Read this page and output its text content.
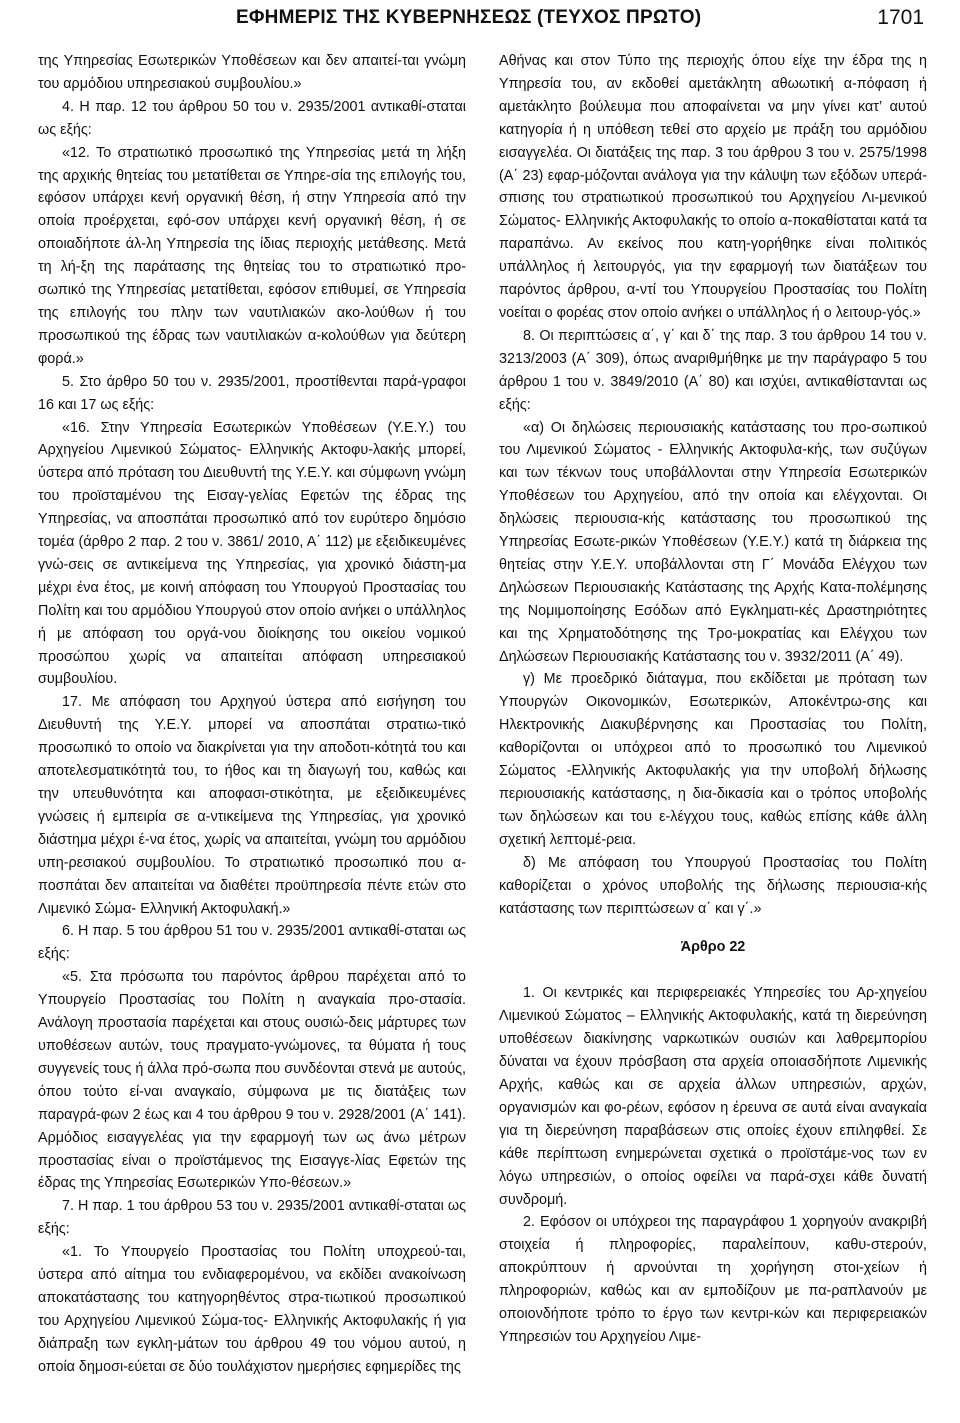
ΕΦΗΜΕΡΙΣ ΤΗΣ ΚΥΒΕΡΝΗΣΕΩΣ (ΤΕΥΧΟΣ ΠΡΩΤΟ)	1701

της Υπηρεσίας Εσωτερικών Υποθέσεων και δεν απαιτεί-ται γνώμη του αρμόδιου υπηρεσιακού συμβουλίου.»

4. Η παρ. 12 του άρθρου 50 του ν. 2935/2001 αντικαθί-σταται ως εξής:

«12. Το στρατιωτικό προσωπικό της Υπηρεσίας μετά τη λήξη της αρχικής θητείας του μετατίθεται σε Υπηρε-σία της επιλογής του, εφόσον υπάρχει κενή οργανική θέση, ή στην Υπηρεσία από την οποία προέρχεται, εφό-σον υπάρχει κενή οργανική θέση, ή σε οποιαδήποτε άλ-λη Υπηρεσία της ίδιας περιοχής μετάθεσης. Μετά τη λή-ξη της παράτασης της θητείας του το στρατιωτικό προ-σωπικό της Υπηρεσίας μετατίθεται, εφόσον επιθυμεί, σε Υπηρεσία της επιλογής του πλην των ναυτιλιακών ακο-λούθων ή του προσωπικού της έδρας των ναυτιλιακών α-κολούθων για δεύτερη φορά.»

5. Στο άρθρο 50 του ν. 2935/2001, προστίθενται παρά-γραφοι 16 και 17 ως εξής:

«16. Στην Υπηρεσία Εσωτερικών Υποθέσεων (Υ.Ε.Υ.) του Αρχηγείου Λιμενικού Σώματος- Ελληνικής Ακτοφυ-λακής μπορεί, ύστερα από πρόταση του Διευθυντή της Υ.Ε.Υ. και σύμφωνη γνώμη του προϊσταμένου της Εισαγ-γελίας Εφετών της έδρας της Υπηρεσίας, να αποσπάται προσωπικό από τον ευρύτερο δημόσιο τομέα (άρθρο 2 παρ. 2 του ν. 3861/ 2010, Α΄ 112) με εξειδικευμένες γνώ-σεις σε αντικείμενα της Υπηρεσίας, για χρονικό διάστη-μα μέχρι ένα έτος, με κοινή απόφαση του Υπουργού Προστασίας του Πολίτη και του αρμόδιου Υπουργού στον οποίο ανήκει ο υπάλληλος ή με απόφαση του οργά-νου διοίκησης του οικείου νομικού προσώπου χωρίς να απαιτείται απόφαση υπηρεσιακού συμβουλίου.

17. Με απόφαση του Αρχηγού ύστερα από εισήγηση του Διευθυντή της Υ.Ε.Υ. μπορεί να αποσπάται στρατιω-τικό προσωπικό το οποίο να διακρίνεται για την αποδοτι-κότητά του και αποτελεσματικότητά του, το ήθος και τη διαγωγή του, καθώς και την υπευθυνότητα και αποφασι-στικότητα, με εξειδικευμένες γνώσεις ή εμπειρία σε α-ντικείμενα της Υπηρεσίας, για χρονικό διάστημα μέχρι έ-να έτος, χωρίς να απαιτείται, γνώμη του αρμόδιου υπη-ρεσιακού συμβουλίου. Το στρατιωτικό προσωπικό που α-ποσπάται δεν απαιτείται να διαθέτει προϋπηρεσία πέντε ετών στο Λιμενικό Σώμα- Ελληνική Ακτοφυλακή.»

6. Η παρ. 5 του άρθρου 51 του ν. 2935/2001 αντικαθί-σταται ως εξής:

«5. Στα πρόσωπα του παρόντος άρθρου παρέχεται από το Υπουργείο Προστασίας του Πολίτη η αναγκαία προ-στασία. Ανάλογη προστασία παρέχεται και στους ουσιώ-δεις μάρτυρες των υποθέσεων αυτών, τους πραγματο-γνώμονες, τα θύματα ή τους συγγενείς τους ή άλλα πρό-σωπα που συνδέονται στενά με αυτούς, όπου τούτο εί-ναι αναγκαίο, σύμφωνα με τις διατάξεις των παραγρά-φων 2 έως και 4 του άρθρου 9 του ν. 2928/2001 (Α΄ 141). Αρμόδιος εισαγγελέας για την εφαρμογή των ως άνω μέτρων προστασίας είναι ο προϊστάμενος της Εισαγγε-λίας Εφετών της έδρας της Υπηρεσίας Εσωτερικών Υπο-θέσεων.»

7. Η παρ. 1 του άρθρου 53 του ν. 2935/2001 αντικαθί-σταται ως εξής:

«1. Το Υπουργείο Προστασίας του Πολίτη υποχρεού-ται, ύστερα από αίτημα του ενδιαφερομένου, να εκδίδει ανακοίνωση αποκατάστασης του κατηγορηθέντος στρα-τιωτικού προσωπικού του Αρχηγείου Λιμενικού Σώμα-τος- Ελληνικής Ακτοφυλακής ή για διάπραξη των εγκλη-μάτων του άρθρου 49 του νόμου αυτού, η οποία δημοσι-εύεται σε δύο τουλάχιστον ημερήσιες εφημερίδες της

Αθήνας και στον Τύπο της περιοχής όπου είχε την έδρα της η Υπηρεσία του, αν εκδοθεί αμετάκλητη αθωωτική α-πόφαση ή αμετάκλητο βούλευμα που αποφαίνεται να μην γίνει κατ’ αυτού κατηγορία ή η υπόθεση τεθεί στο αρχείο με πράξη του αρμόδιου εισαγγελέα. Οι διατάξεις της παρ. 3 του άρθρου 3 του ν. 2575/1998 (Α΄ 23) εφαρ-μόζονται ανάλογα για την κάλυψη των εξόδων υπερά-σπισης του στρατιωτικού προσωπικού του Αρχηγείου Λι-μενικού Σώματος- Ελληνικής Ακτοφυλακής το οποίο α-ποκαθίσταται κατά τα παραπάνω. Αν εκείνος που κατη-γορήθηκε είναι πολιτικός υπάλληλος ή λειτουργός, για την εφαρμογή των διατάξεων του παρόντος άρθρου, α-ντί του Υπουργείου Προστασίας του Πολίτη νοείται ο φορέας στον οποίο ανήκει ο υπάλληλος ή ο λειτουρ-γός.»

8. Οι περιπτώσεις α΄, γ΄ και δ΄ της παρ. 3 του άρθρου 14 του ν. 3213/2003 (Α΄ 309), όπως αναριθμήθηκε με την παράγραφο 5 του άρθρου 1 του ν. 3849/2010 (Α΄ 80) και ισχύει, αντικαθίστανται ως εξής:

«α) Οι δηλώσεις περιουσιακής κατάστασης του προ-σωπικού του Λιμενικού Σώματος - Ελληνικής Ακτοφυλα-κής, των συζύγων και των τέκνων τους υποβάλλονται στην Υπηρεσία Εσωτερικών Υποθέσεων του Αρχηγείου, από την οποία και ελέγχονται. Οι δηλώσεις περιουσια-κής κατάστασης του προσωπικού της Υπηρεσίας Εσωτε-ρικών Υποθέσεων (Υ.Ε.Υ.) κατά τη διάρκεια της θητείας στην Υ.Ε.Υ. υποβάλλονται στη Γ΄ Μονάδα Ελέγχου των Δηλώσεων Περιουσιακής Κατάστασης της Αρχής Κατα-πολέμησης της Νομιμοποίησης Εσόδων από Εγκληματι-κές Δραστηριότητες και της Χρηματοδότησης της Τρο-μοκρατίας και Ελέγχου των Δηλώσεων Περιουσιακής Κατάστασης του ν. 3932/2011 (Α΄ 49).

γ) Με προεδρικό διάταγμα, που εκδίδεται με πρόταση των Υπουργών Οικονομικών, Εσωτερικών, Αποκέντρω-σης και Ηλεκτρονικής Διακυβέρνησης και Προστασίας του Πολίτη, καθορίζονται οι υπόχρεοι από το προσωπικό του Λιμενικού Σώματος -Ελληνικής Ακτοφυλακής για την υποβολή δήλωσης περιουσιακής κατάστασης, η δια-δικασία και ο τρόπος υποβολής των δηλώσεων και του ε-λέγχου τους, καθώς επίσης κάθε άλλη σχετική λεπτομέ-ρεια.

δ) Με απόφαση του Υπουργού Προστασίας του Πολίτη καθορίζεται ο χρόνος υποβολής της δήλωσης περιουσια-κής κατάστασης των περιπτώσεων α΄ και γ΄.»

Άρθρο 22

1. Οι κεντρικές και περιφερειακές Υπηρεσίες του Αρ-χηγείου Λιμενικού Σώματος – Ελληνικής Ακτοφυλακής, κατά τη διερεύνηση υποθέσεων διακίνησης ναρκωτικών ουσιών και λαθρεμπορίου δύναται να έχουν πρόσβαση στα αρχεία οποιασδήποτε Λιμενικής Αρχής, καθώς και σε αρχεία άλλων υπηρεσιών, αρχών, οργανισμών και φο-ρέων, εφόσον η έρευνα σε αυτά είναι αναγκαία για τη διερεύνηση παραβάσεων στις οποίες έχουν επιληφθεί. Σε κάθε περίπτωση ενημερώνεται σχετικά ο προϊστάμε-νος των εν λόγω υπηρεσιών, ο οποίος οφείλει να παρά-σχει κάθε δυνατή συνδρομή.

2. Εφόσον οι υπόχρεοι της παραγράφου 1 χορηγούν ανακριβή στοιχεία ή πληροφορίες, παραλείπουν, καθυ-στερούν, αποκρύπτουν ή αρνούνται τη χορήγηση στοι-χείων ή πληροφοριών, καθώς και αν εμποδίζουν με πα-ραπλανούν με οποιονδήποτε τρόπο το έργο των κεντρι-κών και περιφερειακών Υπηρεσιών του Αρχηγείου Λιμε-
